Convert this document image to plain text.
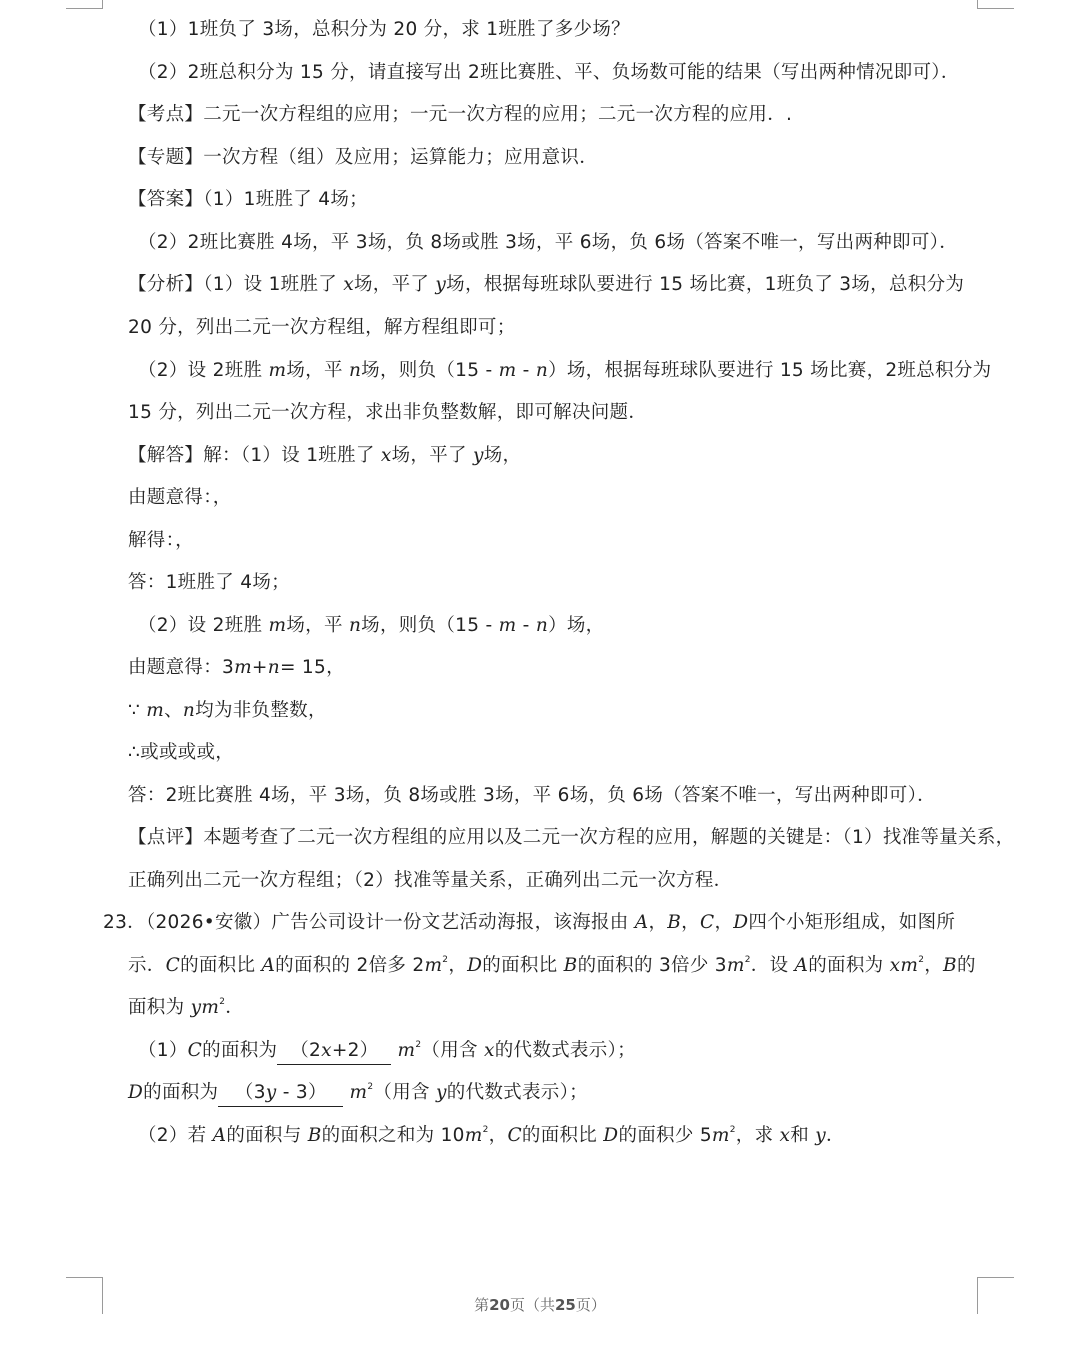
（1）1班负了 3场，总积分为 20 分，求 1班胜了多少场？
（2）2班总积分为 15 分，请直接写出 2班比赛胜、平、负场数可能的结果（写出两种情况即可）．
【考点】二元一次方程组的应用；一元一次方程的应用；二元一次方程的应用．.
【专题】一次方程（组）及应用；运算能力；应用意识．
【答案】（1）1班胜了 4场；
（2）2班比赛胜 4场，平 3场，负 8场或胜 3场，平 6场，负 6场（答案不唯一，写出两种即可）．
【分析】（1）设 1班胜了 x场，平了 y场，根据每班球队要进行 15 场比赛，1班负了 3场，总积分为
20 分，列出二元一次方程组，解方程组即可；
（2）设 2班胜 m场，平 n场，则负（15 - m - n）场，根据每班球队要进行 15 场比赛，2班总积分为
15 分，列出二元一次方程，求出非负整数解，即可解决问题．
【解答】解：（1）设 1班胜了 x场，平了 y场，
由题意得：，
解得：，
答：1班胜了 4场；
（2）设 2班胜 m场，平 n场，则负（15 - m - n）场，
由题意得：3m+n= 15，
∵ m、n均为非负整数，
∴或或或或，
答：2班比赛胜 4场，平 3场，负 8场或胜 3场，平 6场，负 6场（答案不唯一，写出两种即可）．
【点评】本题考查了二元一次方程组的应用以及二元一次方程的应用，解题的关键是：（1）找准等量关系，
正确列出二元一次方程组；（2）找准等量关系，正确列出二元一次方程．
23．（2026•安徽）广告公司设计一份文艺活动海报，该海报由 A，B，C，D四个小矩形组成，如图所
示．C的面积比 A的面积的 2倍多 $2m^2$，D的面积比 B的面积的 3倍少 $3m^2$．设 A的面积为 $xm^2$，B的
面积为 $ym^2$．
（1）C的面积为 （2x+2） $m^2$（用含 x的代数式表示）；
D的面积为 （3y - 3） $m^2$（用含 y的代数式表示）；
（2）若 A的面积与 B的面积之和为 $10m^2$，C的面积比 D的面积少 $5m^2$，求 x和 y．
第20页（共25页）
